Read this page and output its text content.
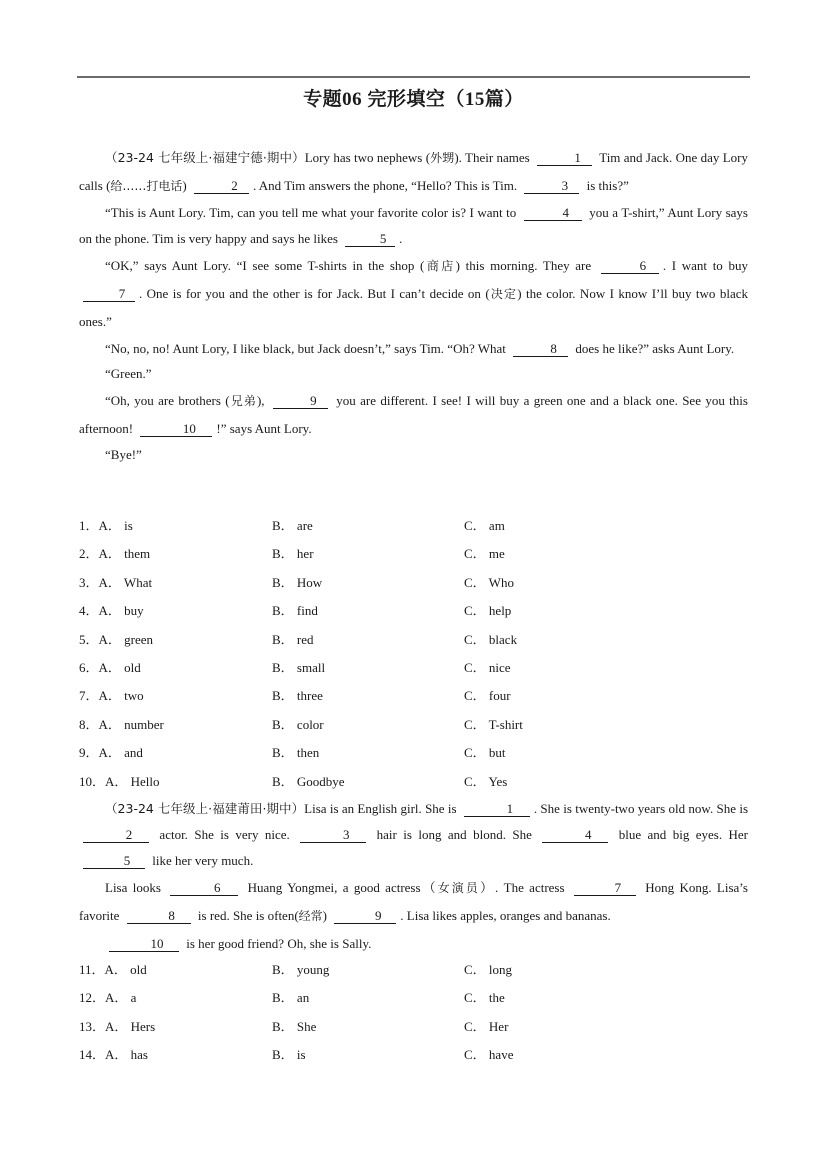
专题06 完形填空（15篇）

（23-24 七年级上·福建宁德·期中）Lory has two nephews (外甥). Their names	1 Tim and Jack. One day Lory calls (给……打电话)	2 . And Tim answers the phone, “Hello? This is Tim.	3 is this?”

“This is Aunt Lory. Tim, can you tell me what your favorite color is? I want to	4 you a T-shirt,” Aunt Lory says on the phone. Tim is very happy and says he likes	5 .

“OK,” says Aunt Lory. “I see some T-shirts in the shop (商店) this morning. They are	6 . I want to buy 7 . One is for you and the other is for Jack. But I can’t decide on (决定) the color. Now I know I’ll buy two black ones.”

“No, no, no! Aunt Lory, I like black, but Jack doesn’t,” says Tim. “Oh? What	8 does he like?” asks Aunt Lory.

“Green.”

“Oh, you are brothers (兄弟),	9 you are different. I see! I will buy a green one and a black one. See you this afternoon!	10 !” says Aunt Lory.

“Bye!”

1．A． is	B． are	C． am
2．A． them	B． her	C． me
3．A． What	B． How	C． Who
4．A． buy	B． find	C． help
5．A． green	B． red	C． black
6．A． old	B． small	C． nice
7．A． two	B． three	C． four
8．A． number	B． color	C． T-shirt
9．A． and	B． then	C． but
10．A． Hello	B． Goodbye	C． Yes

（23-24 七年级上·福建莆田·期中）Lisa is an English girl. She is	1 . She is twenty-two years old now. She is 2 actor. She is very nice.	3 hair is long and blond. She	4 blue and big eyes. Her 5 like her very much.

Lisa looks	6 Huang Yongmei, a good actress（女演员）. The actress	7 Hong Kong. Lisa’s favorite	8 is red. She is often(经常)	9 . Lisa likes apples, oranges and bananas.

10 is her good friend? Oh, she is Sally.

11．A． old	B． young	C． long
12．A． a	B． an	C． the
13．A． Hers	B． She	C． Her
14．A． has	B． is	C． have
